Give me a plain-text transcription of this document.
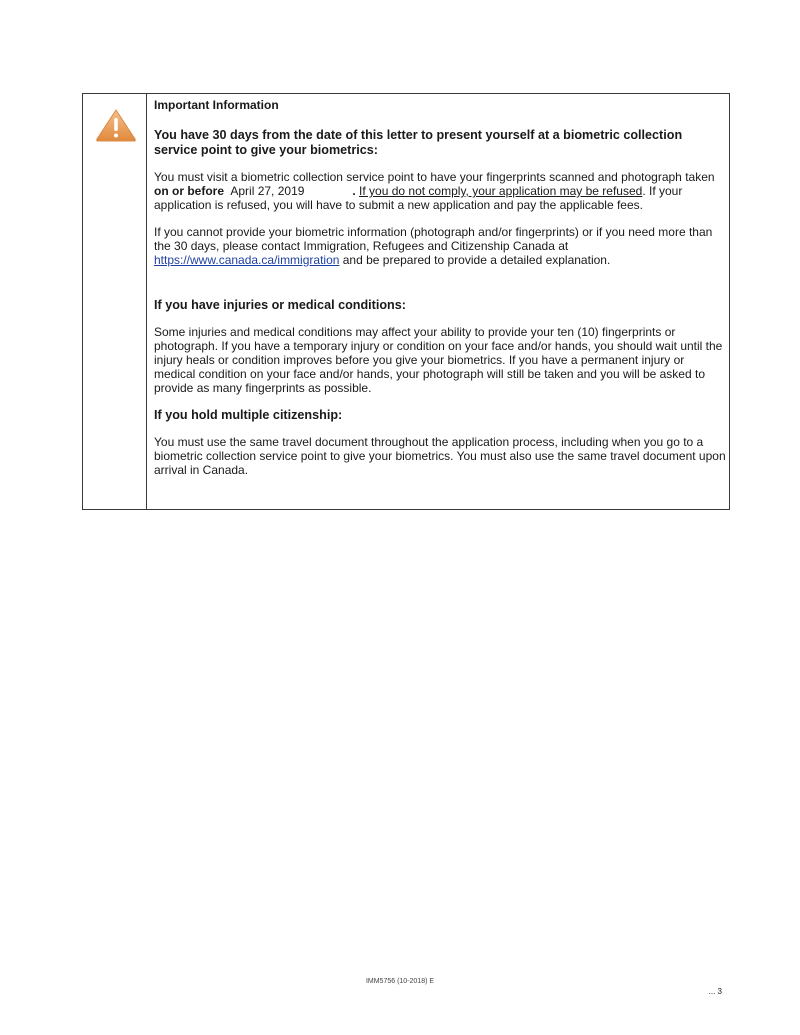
Important Information

You have 30 days from the date of this letter to present yourself at a biometric collection service point to give your biometrics:

You must visit a biometric collection service point to have your fingerprints scanned and photograph taken on or before April 27, 2019	. If you do not comply, your application may be refused. If your application is refused, you will have to submit a new application and pay the applicable fees.

If you cannot provide your biometric information (photograph and/or fingerprints) or if you need more than the 30 days, please contact Immigration, Refugees and Citizenship Canada at https://www.canada.ca/immigration and be prepared to provide a detailed explanation.

If you have injuries or medical conditions:

Some injuries and medical conditions may affect your ability to provide your ten (10) fingerprints or photograph. If you have a temporary injury or condition on your face and/or hands, you should wait until the injury heals or condition improves before you give your biometrics. If you have a permanent injury or medical condition on your face and/or hands, your photograph will still be taken and you will be asked to provide as many fingerprints as possible.

If you hold multiple citizenship:

You must use the same travel document throughout the application process, including when you go to a biometric collection service point to give your biometrics. You must also use the same travel document upon arrival in Canada.

IMM5756 (10-2018) E
... 3
